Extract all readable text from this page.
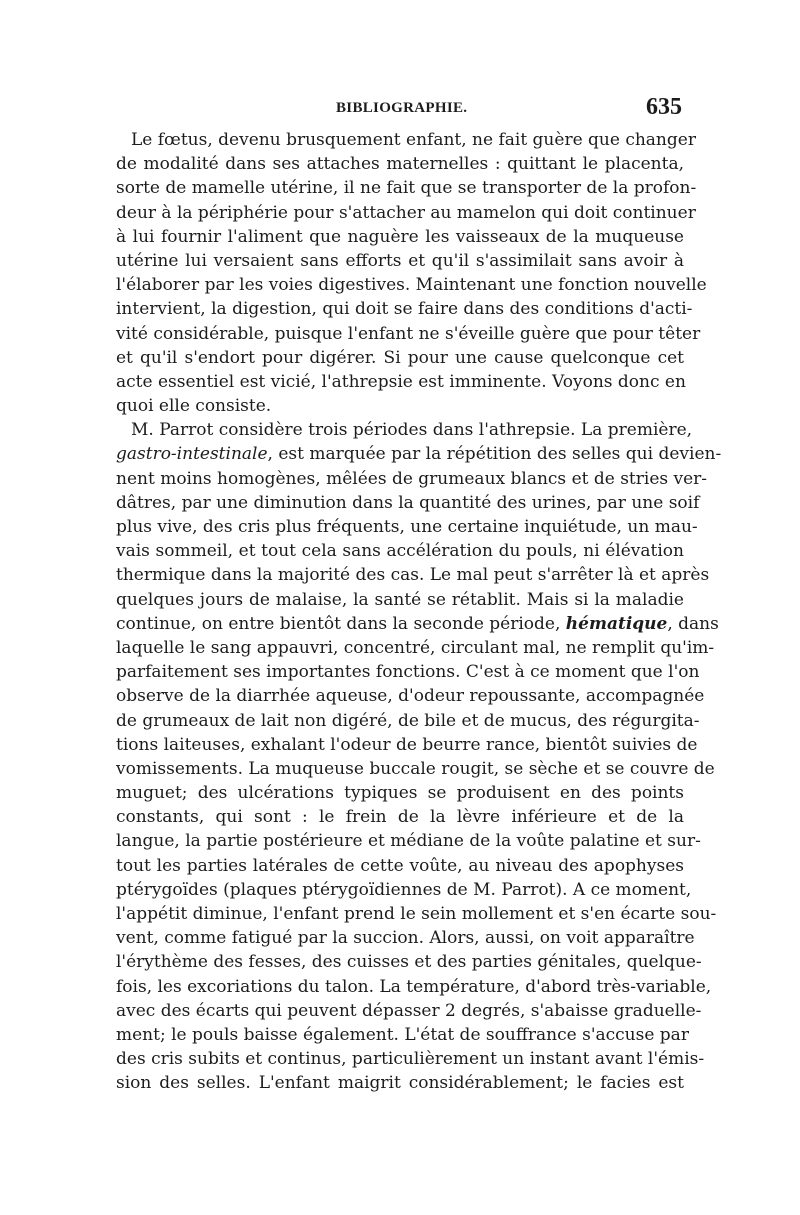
BIBLIOGRAPHIE.	635
Le fœtus, devenu brusquement enfant, ne fait guère que changer
de modalité dans ses attaches maternelles : quittant le placenta,
sorte de mamelle utérine, il ne fait que se transporter de la profon-
deur à la périphérie pour s'attacher au mamelon qui doit continuer
à lui fournir l'aliment que naguère les vaisseaux de la muqueuse
utérine lui versaient sans efforts et qu'il s'assimilait sans avoir à
l'élaborer par les voies digestives. Maintenant une fonction nouvelle
intervient, la digestion, qui doit se faire dans des conditions d'acti-
vité considérable, puisque l'enfant ne s'éveille guère que pour têter
et qu'il s'endort pour digérer. Si pour une cause quelconque cet
acte essentiel est vicié, l'athrepsie est imminente. Voyons donc en
quoi elle consiste.
M. Parrot considère trois périodes dans l'athrepsie. La première,
gastro-intestinale, est marquée par la répétition des selles qui devien-
nent moins homogènes, mêlées de grumeaux blancs et de stries ver-
dâtres, par une diminution dans la quantité des urines, par une soif
plus vive, des cris plus fréquents, une certaine inquiétude, un mau-
vais sommeil, et tout cela sans accélération du pouls, ni élévation
thermique dans la majorité des cas. Le mal peut s'arrêter là et après
quelques jours de malaise, la santé se rétablit. Mais si la maladie
continue, on entre bientôt dans la seconde période, hématique, dans
laquelle le sang appauvri, concentré, circulant mal, ne remplit qu'im-
parfaitement ses importantes fonctions. C'est à ce moment que l'on
observe de la diarrhée aqueuse, d'odeur repoussante, accompagnée
de grumeaux de lait non digéré, de bile et de mucus, des régurgita-
tions laiteuses, exhalant l'odeur de beurre rance, bientôt suivies de
vomissements. La muqueuse buccale rougit, se sèche et se couvre de
muguet; des ulcérations typiques se produisent en des points
constants, qui sont : le frein de la lèvre inférieure et de la
langue, la partie postérieure et médiane de la voûte palatine et sur-
tout les parties latérales de cette voûte, au niveau des apophyses
ptérygoïdes (plaques ptérygoïdiennes de M. Parrot). A ce moment,
l'appétit diminue, l'enfant prend le sein mollement et s'en écarte sou-
vent, comme fatigué par la succion. Alors, aussi, on voit apparaître
l'érythème des fesses, des cuisses et des parties génitales, quelque-
fois, les excoriations du talon. La température, d'abord très-variable,
avec des écarts qui peuvent dépasser 2 degrés, s'abaisse graduelle-
ment; le pouls baisse également. L'état de souffrance s'accuse par
des cris subits et continus, particulièrement un instant avant l'émis-
sion des selles. L'enfant maigrit considérablement; le facies est
